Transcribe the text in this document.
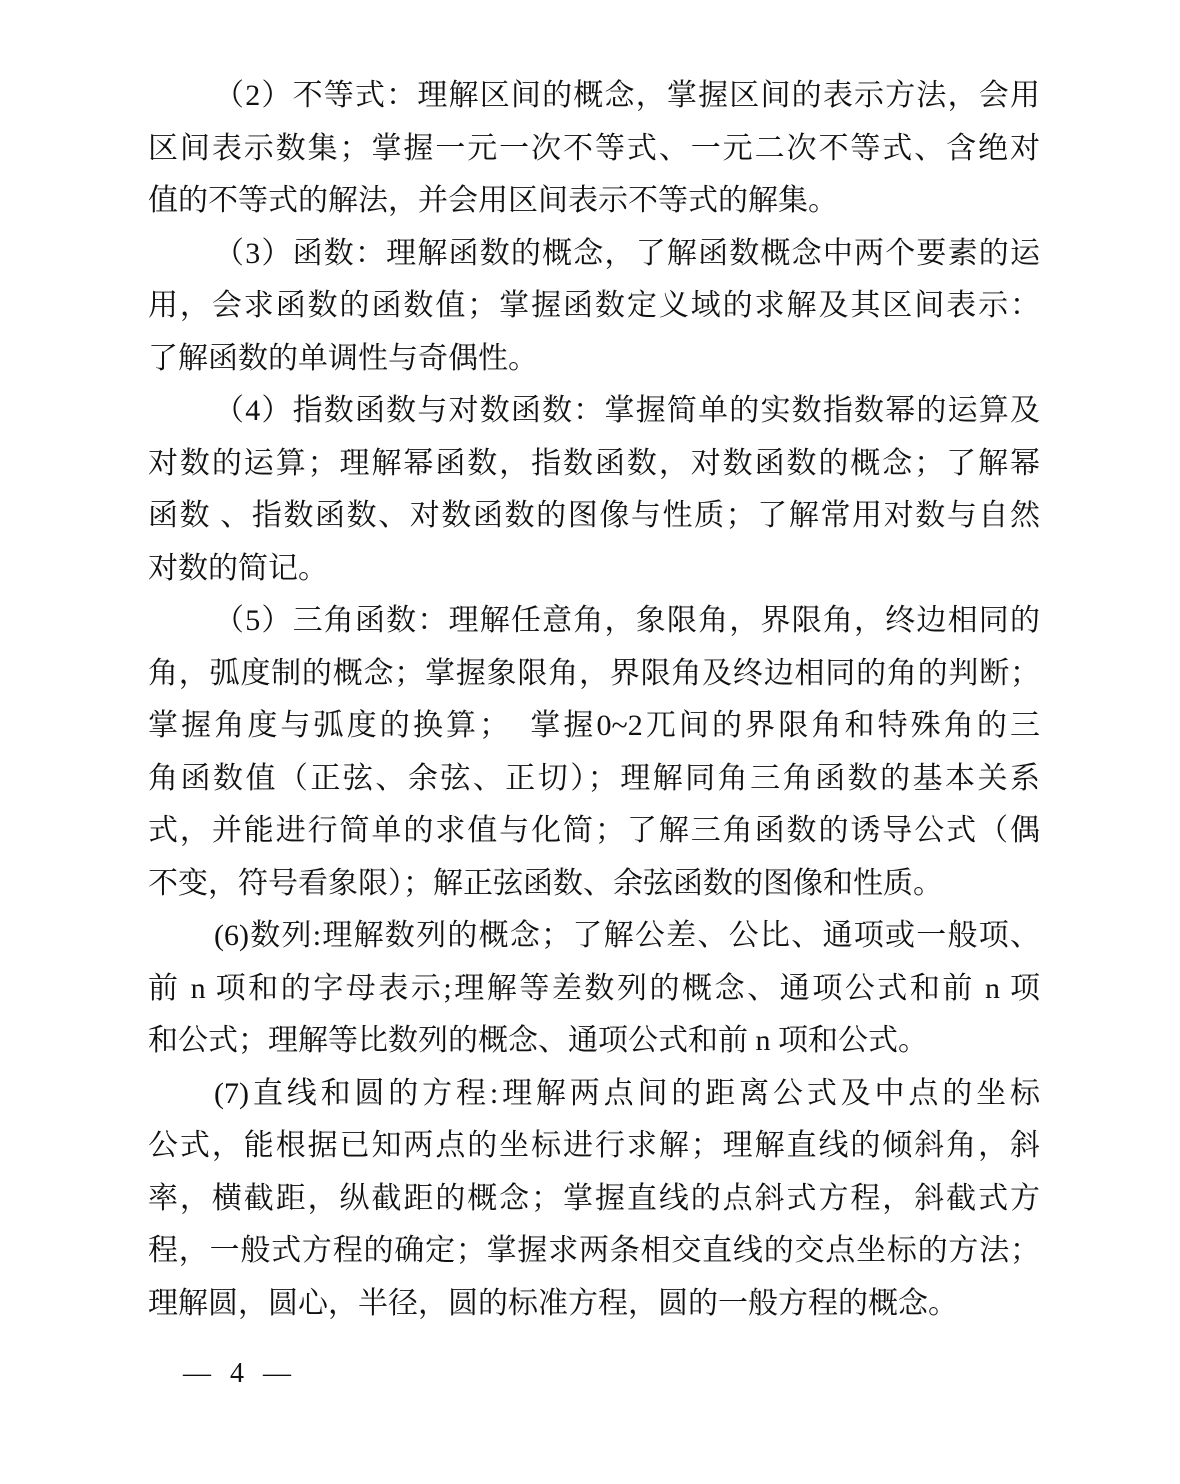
（2）不等式：理解区间的概念，掌握区间的表示方法，会用
区间表示数集；掌握一元一次不等式、一元二次不等式、含绝对
值的不等式的解法，并会用区间表示不等式的解集。
（3）函数：理解函数的概念，了解函数概念中两个要素的运
用，会求函数的函数值；掌握函数定义域的求解及其区间表示：
了解函数的单调性与奇偶性。
（4）指数函数与对数函数：掌握简单的实数指数幂的运算及
对数的运算；理解幂函数，指数函数，对数函数的概念；了解幂
函数 、指数函数、对数函数的图像与性质；了解常用对数与自然
对数的简记。
（5）三角函数：理解任意角，象限角，界限角，终边相同的
角，弧度制的概念；掌握象限角，界限角及终边相同的角的判断；
掌握角度与弧度的换算；　掌握0~2兀间的界限角和特殊角的三
角函数值（正弦、余弦、正切）；理解同角三角函数的基本关系
式，并能进行简单的求值与化简；了解三角函数的诱导公式（偶
不变，符号看象限）；解正弦函数、余弦函数的图像和性质。
(6)数列:理解数列的概念；了解公差、公比、通项或一般项、
前 n 项和的字母表示;理解等差数列的概念、通项公式和前 n 项
和公式；理解等比数列的概念、通项公式和前 n 项和公式。
(7)直线和圆的方程:理解两点间的距离公式及中点的坐标
公式，能根据已知两点的坐标进行求解；理解直线的倾斜角，斜
率，横截距，纵截距的概念；掌握直线的点斜式方程，斜截式方
程，一般式方程的确定；掌握求两条相交直线的交点坐标的方法；
理解圆，圆心，半径，圆的标准方程，圆的一般方程的概念。
— 4 —
